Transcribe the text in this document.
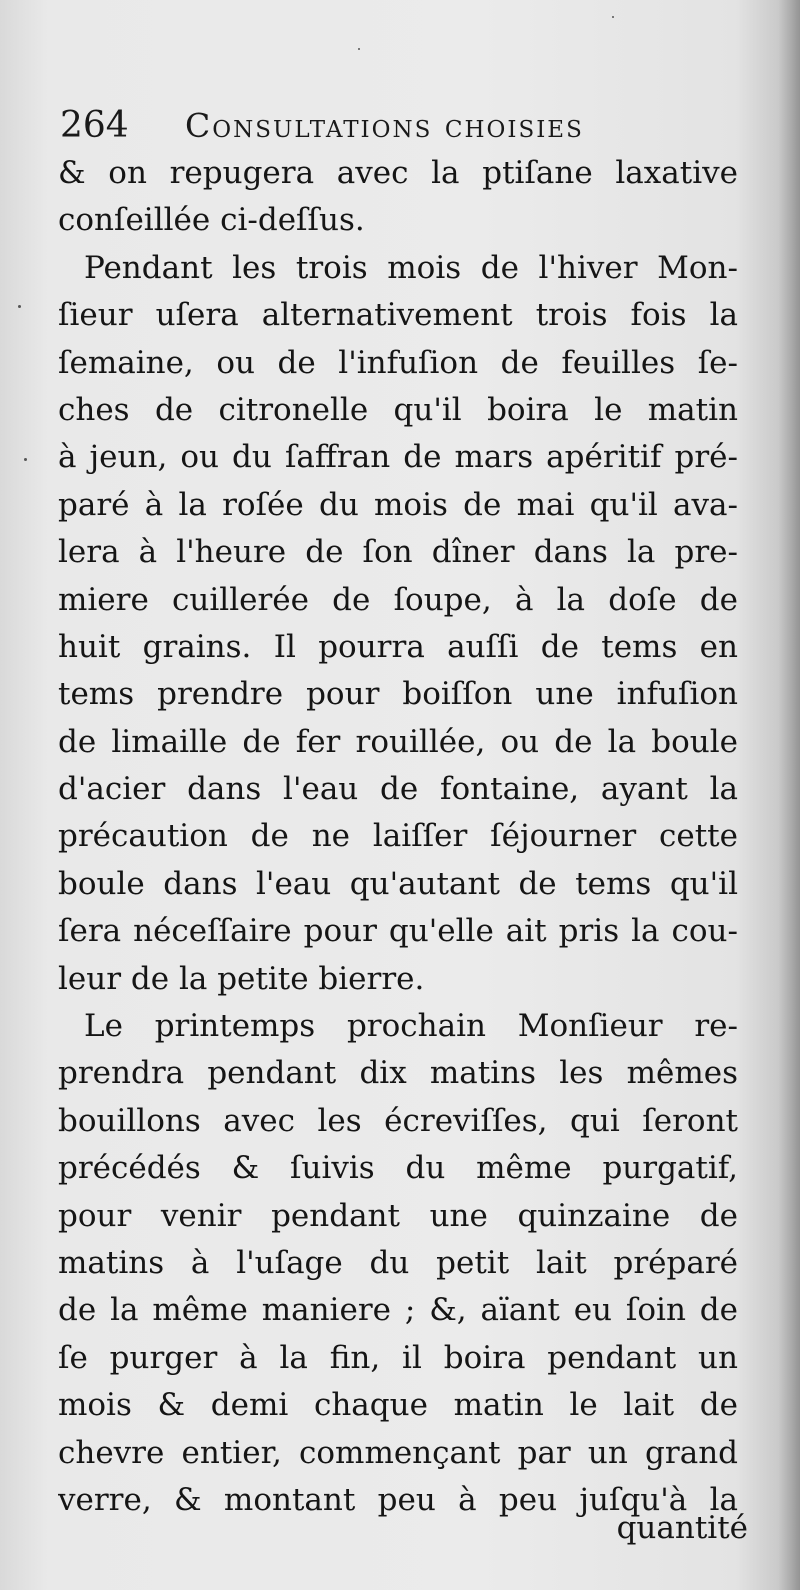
264 Consultations choisies
& on repugera avec la ptiſane laxative
conſeillée ci-deſſus.
Pendant les trois mois de l'hiver Mon-
ſieur uſera alternativement trois fois la
ſemaine, ou de l'infuſion de feuilles ſe-
ches de citronelle qu'il boira le matin
à jeun, ou du ſaffran de mars apéritif pré-
paré à la roſée du mois de mai qu'il ava-
lera à l'heure de ſon dîner dans la pre-
miere cuillerée de ſoupe, à la doſe de
huit grains. Il pourra auſſi de tems en
tems prendre pour boiſſon une infuſion
de limaille de fer rouillée, ou de la boule
d'acier dans l'eau de fontaine, ayant la
précaution de ne laiſſer ſéjourner cette
boule dans l'eau qu'autant de tems qu'il
ſera néceſſaire pour qu'elle ait pris la cou-
leur de la petite bierre.
Le printemps prochain Monſieur re-
prendra pendant dix matins les mêmes
bouillons avec les écreviſſes, qui ſeront
précédés & ſuivis du même purgatif,
pour venir pendant une quinzaine de
matins à l'uſage du petit lait préparé
de la même maniere ; &, aïant eu ſoin de
ſe purger à la fin, il boira pendant un
mois & demi chaque matin le lait de
chevre entier, commençant par un grand
verre, & montant peu à peu juſqu'à la
quantité
